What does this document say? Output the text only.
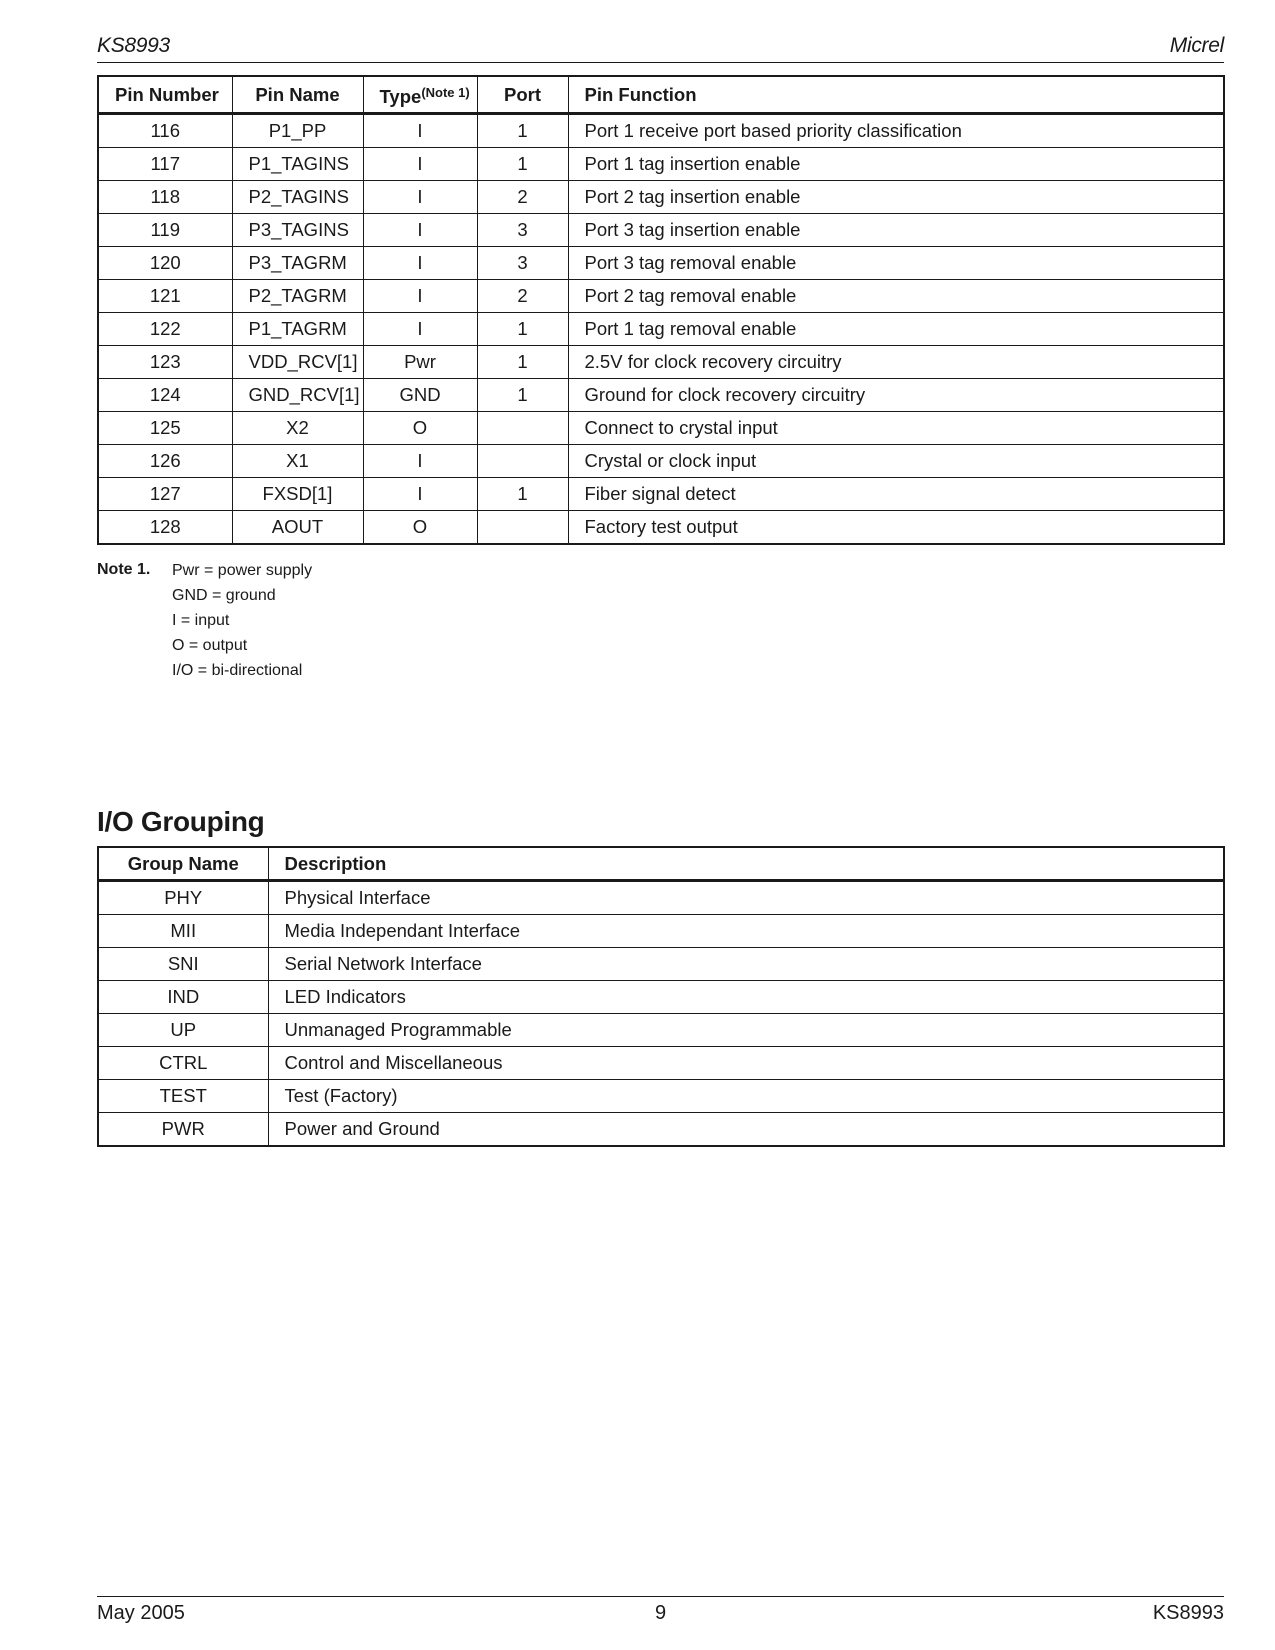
KS8993	Micrel
Pin Number	Pin Name	Type$^{(Note 1)}$	Port	Pin Function
116	P1_PP	I	1	Port 1 receive port based priority classification
117	P1_TAGINS	I	1	Port 1 tag insertion enable
118	P2_TAGINS	I	2	Port 2 tag insertion enable
119	P3_TAGINS	I	3	Port 3 tag insertion enable
120	P3_TAGRM	I	3	Port 3 tag removal enable
121	P2_TAGRM	I	2	Port 2 tag removal enable
122	P1_TAGRM	I	1	Port 1 tag removal enable
123	VDD_RCV[1]	Pwr	1	2.5V for clock recovery circuitry
124	GND_RCV[1]	GND	1	Ground for clock recovery circuitry
125	X2	O		Connect to crystal input
126	X1	I		Crystal or clock input
127	FXSD[1]	I	1	Fiber signal detect
128	AOUT	O		Factory test output
Note 1. Pwr = power supply
GND = ground
I = input
O = output
I/O = bi-directional
I/O Grouping
Group Name	Description
PHY	Physical Interface
MII	Media Independant Interface
SNI	Serial Network Interface
IND	LED Indicators
UP	Unmanaged Programmable
CTRL	Control and Miscellaneous
TEST	Test (Factory)
PWR	Power and Ground
May 2005	9	KS8993
